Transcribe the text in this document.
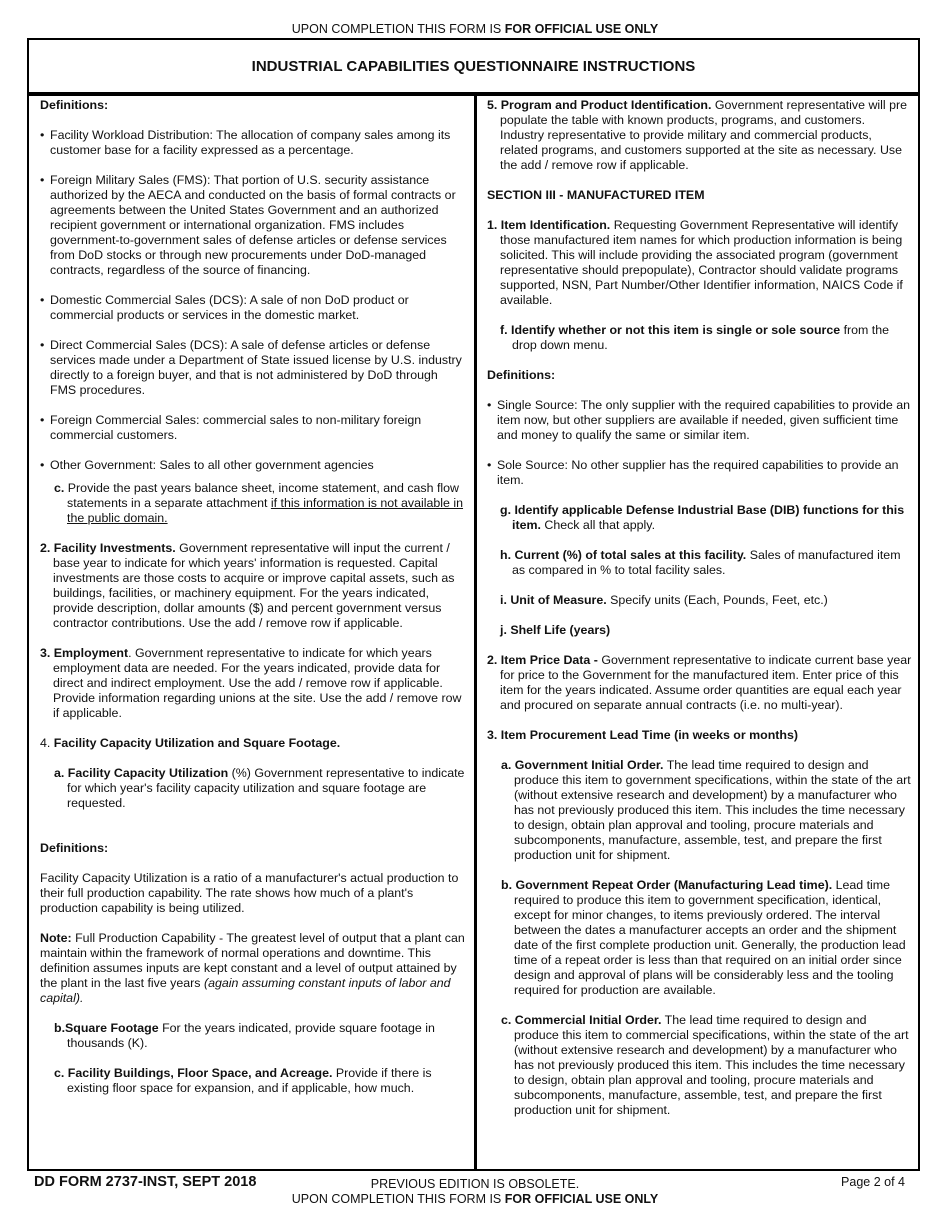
UPON COMPLETION THIS FORM IS FOR OFFICIAL USE ONLY
INDUSTRIAL CAPABILITIES QUESTIONNAIRE INSTRUCTIONS

Definitions:

• Facility Workload Distribution: The allocation of company sales among its customer base for a facility expressed as a percentage.

• Foreign Military Sales (FMS): That portion of U.S. security assistance authorized by the AECA and conducted on the basis of formal contracts or agreements between the United States Government and an authorized recipient government or international organization. FMS includes government-to-government sales of defense articles or defense services from DoD stocks or through new procurements under DoD-managed contracts, regardless of the source of financing.

• Domestic Commercial Sales (DCS): A sale of non DoD product or commercial products or services in the domestic market.

• Direct Commercial Sales (DCS): A sale of defense articles or defense services made under a Department of State issued license by U.S. industry directly to a foreign buyer, and that is not administered by DoD through FMS procedures.

• Foreign Commercial Sales: commercial sales to non-military foreign commercial customers.

• Other Government: Sales to all other government agencies

c. Provide the past years balance sheet, income statement, and cash flow statements in a separate attachment if this information is not available in the public domain.

2. Facility Investments. Government representative will input the current / base year to indicate for which years' information is requested. Capital investments are those costs to acquire or improve capital assets, such as buildings, facilities, or machinery equipment. For the years indicated, provide description, dollar amounts ($) and percent government versus contractor contributions. Use the add / remove row if applicable.

3. Employment. Government representative to indicate for which years employment data are needed. For the years indicated, provide data for direct and indirect employment. Use the add / remove row if applicable. Provide information regarding unions at the site. Use the add / remove row if applicable.

4. Facility Capacity Utilization and Square Footage.

a. Facility Capacity Utilization (%) Government representative to indicate for which year's facility capacity utilization and square footage are requested.

Definitions:

Facility Capacity Utilization is a ratio of a manufacturer's actual production to their full production capability. The rate shows how much of a plant's production capability is being utilized.

Note: Full Production Capability - The greatest level of output that a plant can maintain within the framework of normal operations and downtime. This definition assumes inputs are kept constant and a level of output attained by the plant in the last five years (again assuming constant inputs of labor and capital).

b.Square Footage For the years indicated, provide square footage in thousands (K).

c. Facility Buildings, Floor Space, and Acreage. Provide if there is existing floor space for expansion, and if applicable, how much.

5. Program and Product Identification. Government representative will pre populate the table with known products, programs, and customers. Industry representative to provide military and commercial products, related programs, and customers supported at the site as necessary. Use the add / remove row if applicable.

SECTION III - MANUFACTURED ITEM

1. Item Identification. Requesting Government Representative will identify those manufactured item names for which production information is being solicited. This will include providing the associated program (government representative should prepopulate), Contractor should validate programs supported, NSN, Part Number/Other Identifier information, NAICS Code if available.

f. Identify whether or not this item is single or sole source from the drop down menu.

Definitions:

• Single Source: The only supplier with the required capabilities to provide an item now, but other suppliers are available if needed, given sufficient time and money to qualify the same or similar item.

• Sole Source: No other supplier has the required capabilities to provide an item.

g. Identify applicable Defense Industrial Base (DIB) functions for this item. Check all that apply.

h. Current (%) of total sales at this facility. Sales of manufactured item as compared in % to total facility sales.

i. Unit of Measure. Specify units (Each, Pounds, Feet, etc.)

j. Shelf Life (years)

2. Item Price Data - Government representative to indicate current base year for price to the Government for the manufactured item. Enter price of this item for the years indicated. Assume order quantities are equal each year and procured on separate annual contracts (i.e. no multi-year).

3. Item Procurement Lead Time (in weeks or months)

a. Government Initial Order. The lead time required to design and produce this item to government specifications, within the state of the art (without extensive research and development) by a manufacturer who has not previously produced this item. This includes the time necessary to design, obtain plan approval and tooling, procure materials and subcomponents, manufacture, assemble, test, and prepare the first production unit for shipment.

b. Government Repeat Order (Manufacturing Lead time). Lead time required to produce this item to government specification, identical, except for minor changes, to items previously ordered. The interval between the dates a manufacturer accepts an order and the shipment date of the first complete production unit. Generally, the production lead time of a repeat order is less than that required on an initial order since design and approval of plans will be considerably less and the tooling required for production are available.

c. Commercial Initial Order. The lead time required to design and produce this item to commercial specifications, within the state of the art (without extensive research and development) by a manufacturer who has not previously produced this item. This includes the time necessary to design, obtain plan approval and tooling, procure materials and subcomponents, manufacture, assemble, test, and prepare the first production unit for shipment.

DD FORM 2737-INST, SEPT 2018	PREVIOUS EDITION IS OBSOLETE.	Page 2 of 4
UPON COMPLETION THIS FORM IS FOR OFFICIAL USE ONLY
